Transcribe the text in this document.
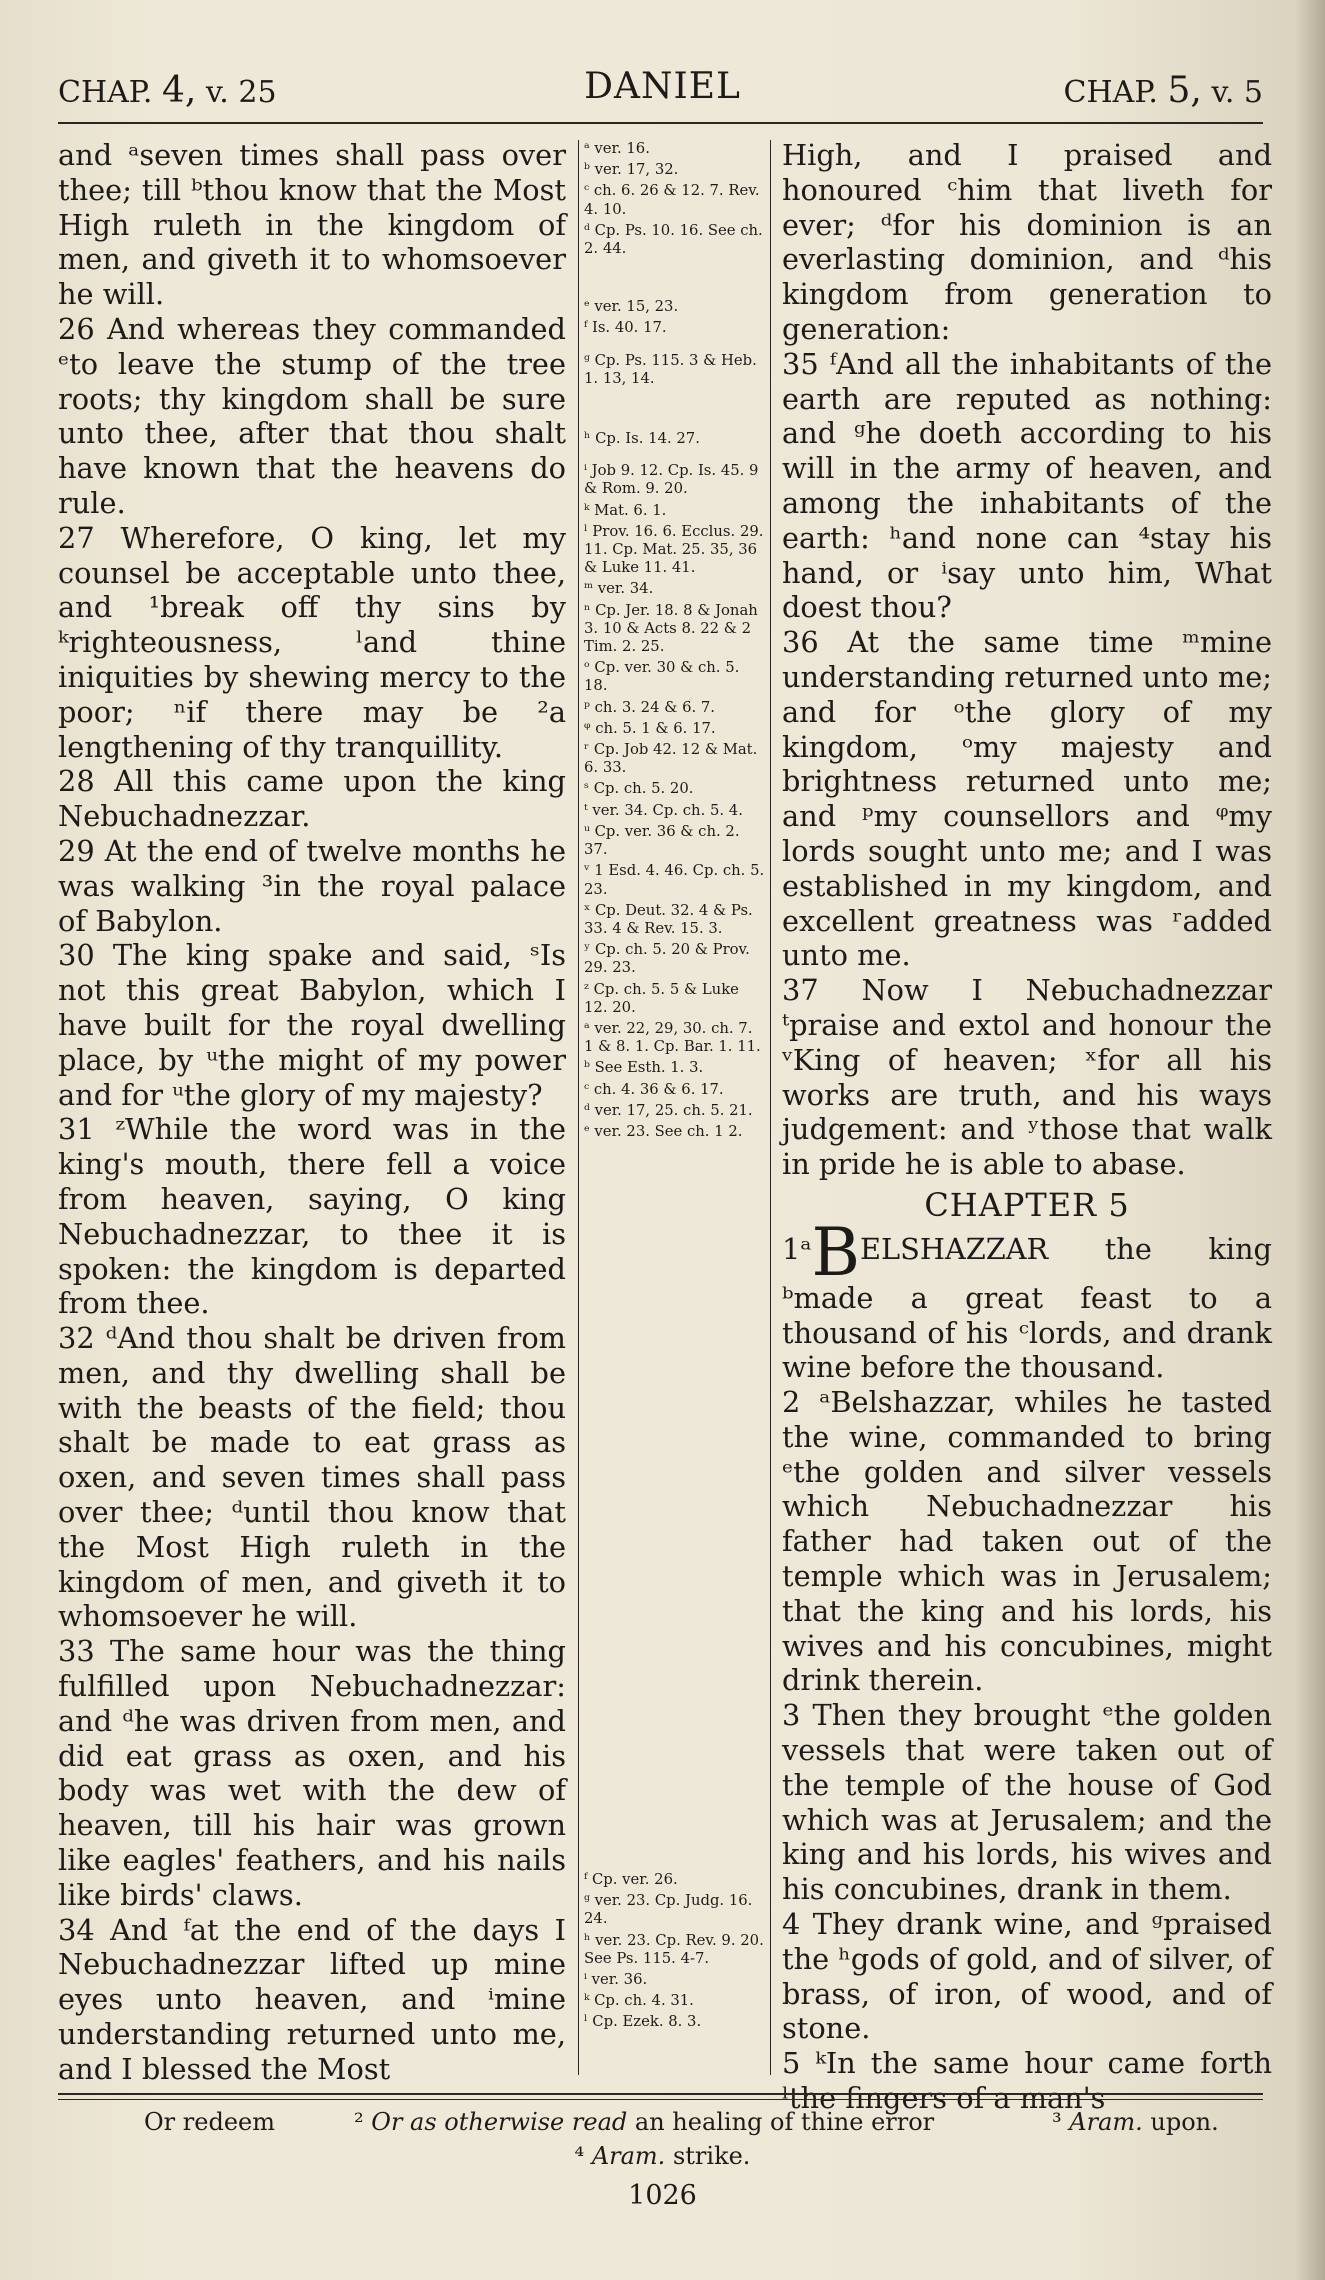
CHAP. 4, v. 25	DANIEL	CHAP. 5, v. 5

and ᵃseven times shall pass over thee; till ᵇthou know that the Most High ruleth in the kingdom of men, and giveth it to whomsoever he will.

26 And whereas they commanded ᵉto leave the stump of the tree roots; thy kingdom shall be sure unto thee, after that thou shalt have known that the heavens do rule.

27 Wherefore, O king, let my counsel be acceptable unto thee, and ¹break off thy sins by ᵏrighteousness, ˡand thine iniquities by shewing mercy to the poor; ⁿif there may be ²a lengthening of thy tranquillity.

28 All this came upon the king Nebuchadnezzar.

29 At the end of twelve months he was walking ³in the royal palace of Babylon.

30 The king spake and said, ˢIs not this great Babylon, which I have built for the royal dwelling place, by ᵘthe might of my power and for ᵘthe glory of my majesty?

31 ᶻWhile the word was in the king's mouth, there fell a voice from heaven, saying, O king Nebuchadnezzar, to thee it is spoken: the kingdom is departed from thee.

32 ᵈAnd thou shalt be driven from men, and thy dwelling shall be with the beasts of the field; thou shalt be made to eat grass as oxen, and seven times shall pass over thee; ᵈuntil thou know that the Most High ruleth in the kingdom of men, and giveth it to whomsoever he will.

33 The same hour was the thing fulfilled upon Nebuchadnezzar: and ᵈhe was driven from men, and did eat grass as oxen, and his body was wet with the dew of heaven, till his hair was grown like eagles' feathers, and his nails like birds' claws.

34 And ᶠat the end of the days I Nebuchadnezzar lifted up mine eyes unto heaven, and ⁱmine understanding returned unto me, and I blessed the Most

ᵃ ver. 16.
ᵇ ver. 17, 32.
ᶜ ch. 6. 26 & 12. 7. Rev. 4. 10.
ᵈ Cp. Ps. 10. 16. See ch. 2. 44.
ᵉ ver. 15, 23.
ᶠ Is. 40. 17.
ᵍ Cp. Ps. 115. 3 & Heb. 1. 13, 14.
ʰ Cp. Is. 14. 27.
ⁱ Job 9. 12. Cp. Is. 45. 9 & Rom. 9. 20.
ᵏ Mat. 6. 1.
ˡ Prov. 16. 6. Ecclus. 29. 11. Cp. Mat. 25. 35, 36 & Luke 11. 41.
ᵐ ver. 34.
ⁿ Cp. Jer. 18. 8 & Jonah 3. 10 & Acts 8. 22 & 2 Tim. 2. 25.
ᵒ Cp. ver. 30 & ch. 5. 18.
ᵖ ch. 3. 24 & 6. 7.
ᵠ ch. 5. 1 & 6. 17.
ʳ Cp. Job 42. 12 & Mat. 6. 33.
ˢ Cp. ch. 5. 20.
ᵗ ver. 34. Cp. ch. 5. 4.
ᵘ Cp. ver. 36 & ch. 2. 37.
ᵛ 1 Esd. 4. 46. Cp. ch. 5. 23.
ˣ Cp. Deut. 32. 4 & Ps. 33. 4 & Rev. 15. 3.
ʸ Cp. ch. 5. 20 & Prov. 29. 23.
ᶻ Cp. ch. 5. 5 & Luke 12. 20.
ᵃ ver. 22, 29, 30. ch. 7. 1 & 8. 1. Cp. Bar. 1. 11.
ᵇ See Esth. 1. 3.
ᶜ ch. 4. 36 & 6. 17.
ᵈ ver. 17, 25. ch. 5. 21.
ᵉ ver. 23. See ch. 1 2.
ᶠ Cp. ver. 26.
ᵍ ver. 23. Cp. Judg. 16. 24.
ʰ ver. 23. Cp. Rev. 9. 20. See Ps. 115. 4-7.
ⁱ ver. 36.
ᵏ Cp. ch. 4. 31.
ˡ Cp. Ezek. 8. 3.

High, and I praised and honoured ᶜhim that liveth for ever; ᵈfor his dominion is an everlasting dominion, and ᵈhis kingdom from generation to generation:

35 ᶠAnd all the inhabitants of the earth are reputed as nothing: and ᵍhe doeth according to his will in the army of heaven, and among the inhabitants of the earth: ʰand none can ⁴stay his hand, or ⁱsay unto him, What doest thou?

36 At the same time ᵐmine understanding returned unto me; and for ᵒthe glory of my kingdom, ᵒmy majesty and brightness returned unto me; and ᵖmy counsellors and ᵠmy lords sought unto me; and I was established in my kingdom, and excellent greatness was ʳadded unto me.

37 Now I Nebuchadnezzar ᵗpraise and extol and honour the ᵛKing of heaven; ˣfor all his works are truth, and his ways judgement: and ʸthose that walk in pride he is able to abase.

CHAPTER 5

1ᵃBELSHAZZAR the king ᵇmade a great feast to a thousand of his ᶜlords, and drank wine before the thousand.

2 ᵃBelshazzar, whiles he tasted the wine, commanded to bring ᵉthe golden and silver vessels which Nebuchadnezzar his father had taken out of the temple which was in Jerusalem; that the king and his lords, his wives and his concubines, might drink therein.

3 Then they brought ᵉthe golden vessels that were taken out of the temple of the house of God which was at Jerusalem; and the king and his lords, his wives and his concubines, drank in them.

4 They drank wine, and ᵍpraised the ʰgods of gold, and of silver, of brass, of iron, of wood, and of stone.

5 ᵏIn the same hour came forth ˡthe fingers of a man's

Or redeem	² Or as otherwise read an healing of thine error	³ Aram. upon.
⁴ Aram. strike.
1026
